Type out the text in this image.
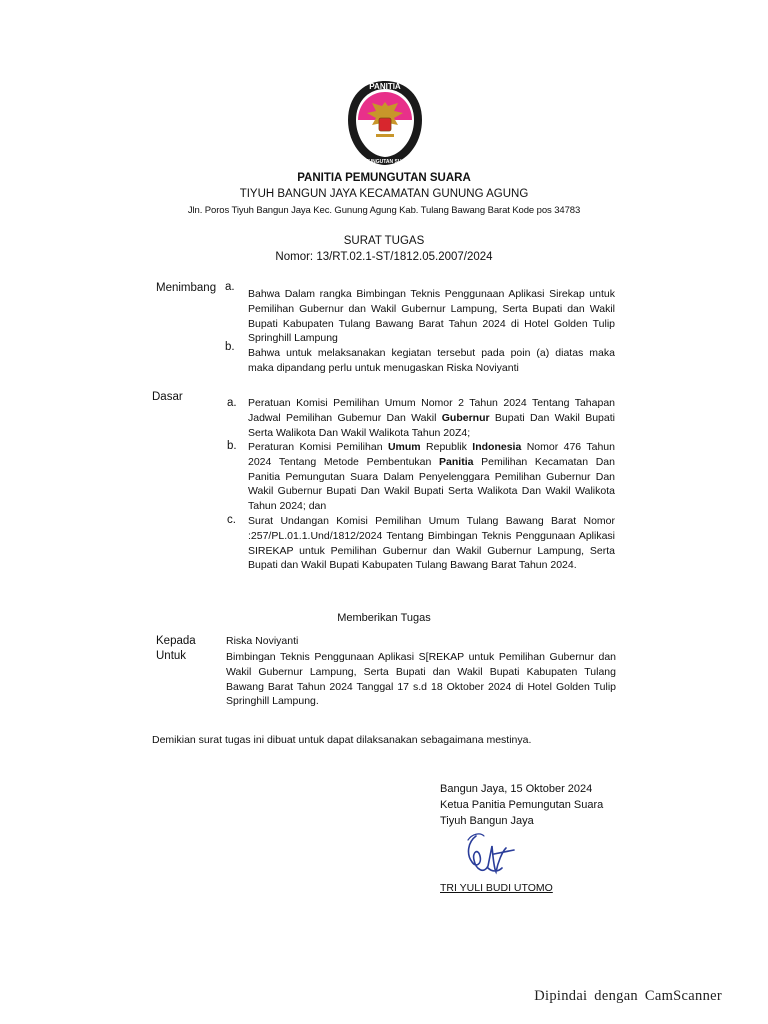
PANITIA
PEMUNGUTAN SUARA
PANITIA PEMUNGUTAN SUARA
TIYUH BANGUN JAYA KECAMATAN GUNUNG AGUNG
Jln. Poros Tiyuh Bangun Jaya Kec. Gunung Agung Kab. Tulang Bawang Barat Kode pos 34783
SURAT TUGAS
Nomor: 13/RT.02.1-ST/1812.05.2007/2024
Menimbang a.
Bahwa Dalam rangka Bimbingan Teknis Penggunaan Aplikasi Sirekap untuk Pemilihan Gubernur dan Wakil Gubernur Lampung, Serta Bupati dan Wakil Bupati Kabupaten Tulang Bawang Barat Tahun 2024 di Hotel Golden Tulip Springhill Lampung
b. Bahwa untuk melaksanakan kegiatan tersebut pada poin (a) diatas maka maka dipandang perlu untuk menugaskan Riska Noviyanti
Dasar	a. Peratuan Komisi Pemilihan Umum Nomor 2 Tahun 2024 Tentang Tahapan Jadwal Pemilihan Gubemur Dan Wakil Gubernur Bupati Dan Wakil Bupati Serta Walikota Dan Wakil Walikota Tahun 20Z4;
b. Peraturan Komisi Pemilihan Umum Republik Indonesia Nomor 476 Tahun 2024 Tentang Metode Pembentukan Panitia Pemilihan Kecamatan Dan Panitia Pemungutan Suara Dalam Penyelenggara Pemilihan Gubernur Dan Wakil Gubernur Bupati Dan Wakil Bupati Serta Walikota Dan Wakil Walikota Tahun 2024; dan
c. Surat Undangan Komisi Pemilihan Umum Tulang Bawang Barat Nomor :257/PL.01.1.Und/1812/2024 Tentang Bimbingan Teknis Penggunaan Aplikasi SIREKAP untuk Pemilihan Gubernur dan Wakil Gubernur Lampung, Serta Bupati dan Wakil Bupati Kabupaten Tulang Bawang Barat Tahun 2024.
Memberikan Tugas
Kepada
Untuk
Riska Noviyanti
Bimbingan Teknis Penggunaan Aplikasi S[REKAP untuk Pemilihan Gubernur dan Wakil Gubernur Lampung, Serta Bupati dan Wakil Bupati Kabupaten Tulang Bawang Barat Tahun 2024 Tanggal 17 s.d 18 Oktober 2024 di Hotel Golden Tulip Springhill Lampung.
Demikian surat tugas ini dibuat untuk dapat dilaksanakan sebagaimana mestinya.
Bangun Jaya, 15 Oktober 2024
Ketua Panitia Pemungutan Suara
Tiyuh Bangun Jaya
TRI YULI BUDI UTOMO
Dipindai dengan CamScanner
